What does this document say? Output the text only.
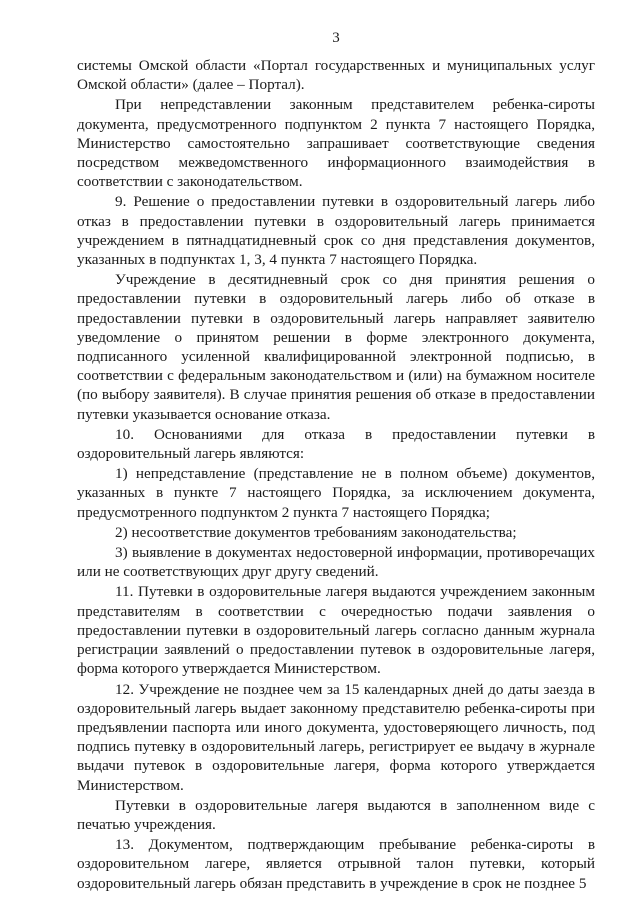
3

системы Омской области «Портал государственных и муниципальных услуг Омской области» (далее – Портал).

При непредставлении законным представителем ребенка-сироты документа, предусмотренного подпунктом 2 пункта 7 настоящего Порядка, Министерство самостоятельно запрашивает соответствующие сведения посредством межведомственного информационного взаимодействия в соответствии с законодательством.

9. Решение о предоставлении путевки в оздоровительный лагерь либо отказ в предоставлении путевки в оздоровительный лагерь принимается учреждением в пятнадцатидневный срок со дня представления документов, указанных в подпунктах 1, 3, 4 пункта 7 настоящего Порядка.

Учреждение в десятидневный срок со дня принятия решения о предоставлении путевки в оздоровительный лагерь либо об отказе в предоставлении путевки в оздоровительный лагерь направляет заявителю уведомление о принятом решении в форме электронного документа, подписанного усиленной квалифицированной электронной подписью, в соответствии с федеральным законодательством и (или) на бумажном носителе (по выбору заявителя). В случае принятия решения об отказе в предоставлении путевки указывается основание отказа.

10. Основаниями для отказа в предоставлении путевки в оздоровительный лагерь являются:

1) непредставление (представление не в полном объеме) документов, указанных в пункте 7 настоящего Порядка, за исключением документа, предусмотренного подпунктом 2 пункта 7 настоящего Порядка;

2) несоответствие документов требованиям законодательства;

3) выявление в документах недостоверной информации, противоречащих или не соответствующих друг другу сведений.

11. Путевки в оздоровительные лагеря выдаются учреждением законным представителям в соответствии с очередностью подачи заявления о предоставлении путевки в оздоровительный лагерь согласно данным журнала регистрации заявлений о предоставлении путевок в оздоровительные лагеря, форма которого утверждается Министерством.

12. Учреждение не позднее чем за 15 календарных дней до даты заезда в оздоровительный лагерь выдает законному представителю ребенка-сироты при предъявлении паспорта или иного документа, удостоверяющего личность, под подпись путевку в оздоровительный лагерь, регистрирует ее выдачу в журнале выдачи путевок в оздоровительные лагеря, форма которого утверждается Министерством.

Путевки в оздоровительные лагеря выдаются в заполненном виде с печатью учреждения.

13. Документом, подтверждающим пребывание ребенка-сироты в оздоровительном лагере, является отрывной талон путевки, который оздоровительный лагерь обязан представить в учреждение в срок не позднее 5
